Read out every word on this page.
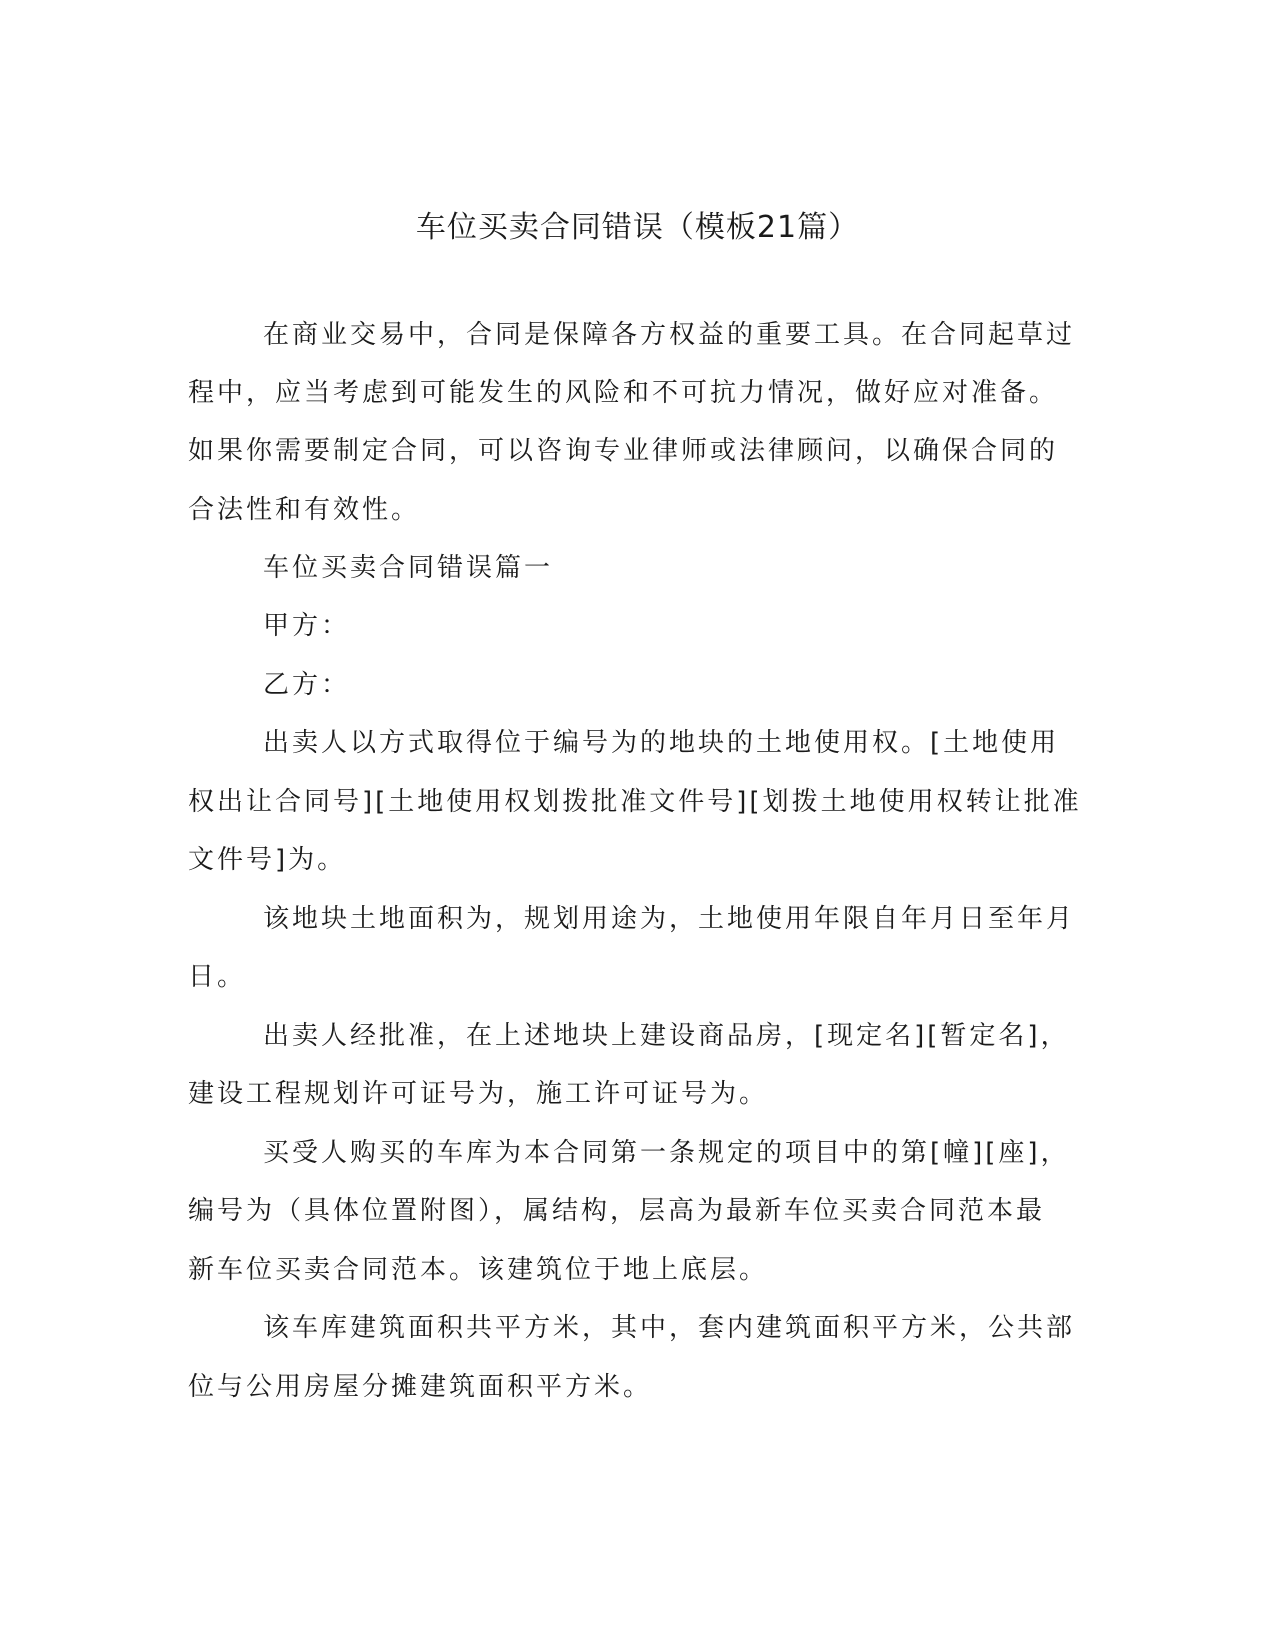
车位买卖合同错误（模板21篇）

在商业交易中，合同是保障各方权益的重要工具。在合同起草过

程中，应当考虑到可能发生的风险和不可抗力情况，做好应对准备。

如果你需要制定合同，可以咨询专业律师或法律顾问，以确保合同的

合法性和有效性。

车位买卖合同错误篇一

甲方：

乙方：

出卖人以方式取得位于编号为的地块的土地使用权。[土地使用

权出让合同号][土地使用权划拨批准文件号][划拨土地使用权转让批准

文件号]为。

该地块土地面积为，规划用途为，土地使用年限自年月日至年月

日。

出卖人经批准，在上述地块上建设商品房，[现定名][暂定名]，

建设工程规划许可证号为，施工许可证号为。

买受人购买的车库为本合同第一条规定的项目中的第[幢][座]，

编号为（具体位置附图），属结构，层高为最新车位买卖合同范本最

新车位买卖合同范本。该建筑位于地上底层。

该车库建筑面积共平方米，其中，套内建筑面积平方米，公共部

位与公用房屋分摊建筑面积平方米。
